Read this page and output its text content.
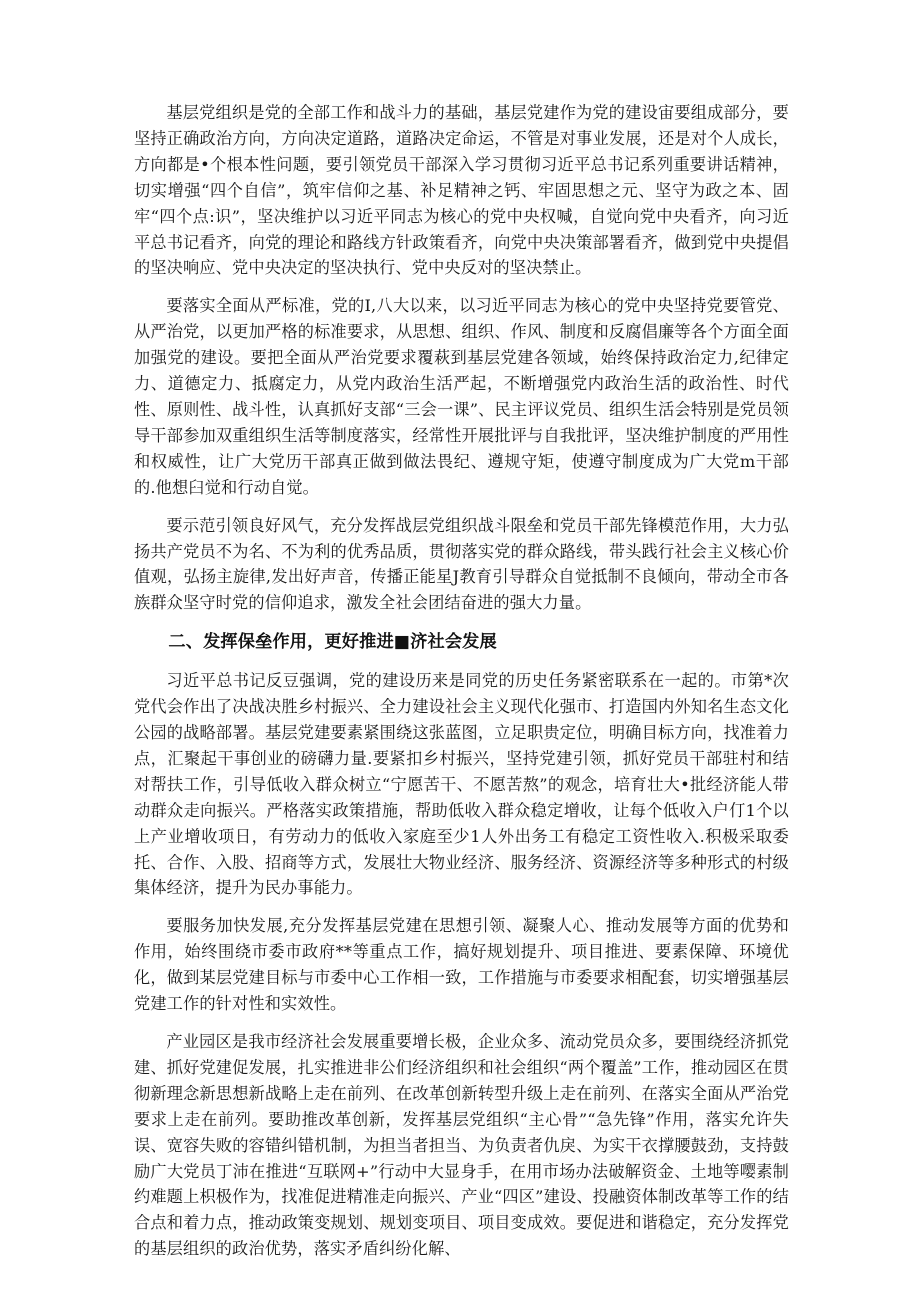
基层党组织是党的全部工作和战斗力的基础，基层党建作为党的建设宙要组成部分，要坚持正确政治方向，方向决定道路，道路决定命运，不管是对事业发展，还是对个人成长，方向都是•个根本性问题，要引领党员干部深入学习贯彻习近平总书记系列重要讲话精神，切实增强“四个自信”，筑牢信仰之基、补足精神之钙、牢固思想之元、坚守为政之本、固牢“四个点:识”，坚决维护以习近平同志为核心的党中央权喊，自觉向党中央看齐，向习近平总书记看齐，向党的理论和路线方针政策看齐，向党中央决策部署看齐，做到党中央提倡的坚决响应、党中央决定的坚决执行、党中央反对的坚决禁止。

要落实全面从严标准，党的I,八大以来，以习近平同志为核心的党中央坚持党要管党、从严治党，以更加严格的标准要求，从思想、组织、作风、制度和反腐倡廉等各个方面全面加强党的建设。要把全面从严治党要求覆萩到基层党建各领域，始终保持政治定力,纪律定力、道德定力、抵腐定力，从党内政治生活严起，不断增强党内政治生活的政治性、时代性、原则性、战斗性，认真抓好支部“三会一课”、民主评议党员、组织生活会特别是党员领导干部参加双重组织生活等制度落实，经常性开展批评与自我批评，坚决维护制度的严用性和权威性，让广大党历干部真正做到做法畏纪、遵规守矩，使遵守制度成为广大党m干部的.他想臼觉和行动自觉。

要示范引领良好风气，充分发挥战层党组织战斗限垒和党员干部先锋模范作用，大力弘扬共产党员不为名、不为利的优秀品质，贯彻落实党的群众路线，带头践行社会主义核心价值观，弘扬主旋律,发出好声音，传播正能星J教育引导群众自觉抵制不良倾向，带动全市各族群众坚守时党的信仰追求，激发全社会团结奋进的强大力量。

二、发挥保垒作用，更好推进■济社会发展

习近平总书记反豆强调，党的建设历来是同党的历史任务紧密联系在一起的。市第*次党代会作出了决战决胜乡村振兴、全力建设社会主义现代化强市、打造国内外知名生态文化公园的战略部署。基层党建要素紧围绕这张蓝图，立足职贵定位，明确目标方向，找准着力点，汇聚起干事创业的磅礴力量.要紧扣乡村振兴，坚持党建引领，抓好党员干部驻村和结对帮扶工作，引导低收入群众树立“宁愿苦干、不愿苦熬”的观念，培育壮大•批经济能人带动群众走向振兴。严格落实政策措施，帮助低收入群众稳定增收，让每个低收入户仃1个以上产业增收项日，有劳动力的低收入家庭至少1人外出务工有稳定工资性收入.积极采取委托、合作、入股、招商等方式，发展壮大物业经济、服务经济、资源经济等多种形式的村级集体经济，提升为民办事能力。

要服务加快发展,充分发挥基层党建在思想引领、凝聚人心、推动发展等方面的优势和作用，始终围绕市委市政府**等重点工作，搞好规划提升、项目推进、要素保障、环境优化，做到某层党建目标与市委中心工作相一致，工作措施与市委要求相配套，切实增强基层党建工作的针对性和实效性。

产业园区是我市经济社会发展重要增长极，企业众多、流动党员众多，要围绕经济抓党建、抓好党建促发展，扎实推进非公们经济组织和社会组织“两个覆盖”工作，推动园区在贯彻新理念新思想新战略上走在前列、在改革创新转型升级上走在前列、在落实全面从严治党要求上走在前列。要助推改革创新，发挥基层党组织“主心骨”“急先锋”作用，落实允许失误、宽容失败的容错纠错机制，为担当者担当、为负责者仇戾、为实干衣撑腰鼓劲，支持鼓励广大党员丁沛在推进“互联网+”行动中大显身手，在用市场办法破解资金、土地等嘤素制约难题上枳极作为，找准促进精准走向振兴、产业“四区”建设、投融资体制改革等工作的结合点和着力点，推动政策变规划、规划变项目、项目变成效。要促进和谐稳定，充分发挥党的基层组织的政治优势，落实矛盾纠纷化解、
